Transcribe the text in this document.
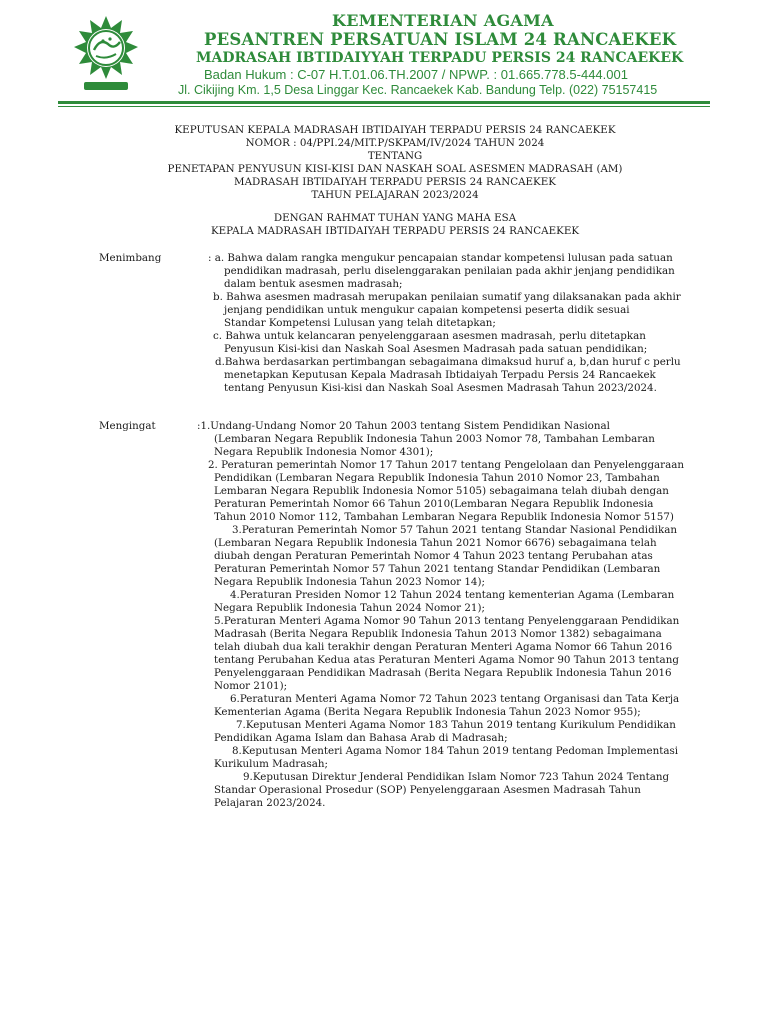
KEMENTERIAN AGAMA
PESANTREN PERSATUAN ISLAM 24 RANCAEKEK
MADRASAH IBTIDAIYYAH TERPADU PERSIS 24 RANCAEKEK
Badan Hukum : C-07 H.T.01.06.TH.2007 / NPWP. : 01.665.778.5-444.001
Jl. Cikijing Km. 1,5 Desa Linggar Kec. Rancaekek Kab. Bandung Telp. (022) 75157415
KEPUTUSAN KEPALA MADRASAH IBTIDAIYAH TERPADU PERSIS 24 RANCAEKEK
NOMOR : 04/PPI.24/MIT.P/SKPAM/IV/2024 TAHUN 2024
TENTANG
PENETAPAN PENYUSUN KISI-KISI DAN NASKAH SOAL ASESMEN MADRASAH (AM)
MADRASAH IBTIDAIYAH TERPADU PERSIS 24 RANCAEKEK
TAHUN PELAJARAN 2023/2024
DENGAN RAHMAT TUHAN YANG MAHA ESA
KEPALA MADRASAH IBTIDAIYAH TERPADU PERSIS 24 RANCAEKEK
Menimbang	: a. Bahwa dalam rangka mengukur pencapaian standar kompetensi lulusan pada satuan
pendidikan madrasah, perlu diselenggarakan penilaian pada akhir jenjang pendidikan
dalam bentuk asesmen madrasah;
b. Bahwa asesmen madrasah merupakan penilaian sumatif yang dilaksanakan pada akhir
jenjang pendidikan untuk mengukur capaian kompetensi peserta didik sesuai
Standar Kompetensi Lulusan yang telah ditetapkan;
c. Bahwa untuk kelancaran penyelenggaraan asesmen madrasah, perlu ditetapkan
Penyusun Kisi-kisi dan Naskah Soal Asesmen Madrasah pada satuan pendidikan;
d.Bahwa berdasarkan pertimbangan sebagaimana dimaksud huruf a, b,dan huruf c perlu
menetapkan Keputusan Kepala Madrasah Ibtidaiyah Terpadu Persis 24 Rancaekek
tentang Penyusun Kisi-kisi dan Naskah Soal Asesmen Madrasah Tahun 2023/2024.
Mengingat	:1.Undang-Undang Nomor 20 Tahun 2003 tentang Sistem Pendidikan Nasional
(Lembaran Negara Republik Indonesia Tahun 2003 Nomor 78, Tambahan Lembaran
Negara Republik Indonesia Nomor 4301);
2. Peraturan pemerintah Nomor 17 Tahun 2017 tentang Pengelolaan dan Penyelenggaraan
Pendidikan (Lembaran Negara Republik Indonesia Tahun 2010 Nomor 23, Tambahan
Lembaran Negara Republik Indonesia Nomor 5105) sebagaimana telah diubah dengan
Peraturan Pemerintah Nomor 66 Tahun 2010(Lembaran Negara Republik Indonesia
Tahun 2010 Nomor 112, Tambahan Lembaran Negara Republik Indonesia Nomor 5157)
3.Peraturan Pemerintah Nomor 57 Tahun 2021 tentang Standar Nasional Pendidikan
(Lembaran Negara Republik Indonesia Tahun 2021 Nomor 6676) sebagaimana telah
diubah dengan Peraturan Pemerintah Nomor 4 Tahun 2023 tentang Perubahan atas
Peraturan Pemerintah Nomor 57 Tahun 2021 tentang Standar Pendidikan (Lembaran
Negara Republik Indonesia Tahun 2023 Nomor 14);
4.Peraturan Presiden Nomor 12 Tahun 2024 tentang kementerian Agama (Lembaran
Negara Republik Indonesia Tahun 2024 Nomor 21);
5.Peraturan Menteri Agama Nomor 90 Tahun 2013 tentang Penyelenggaraan Pendidikan
Madrasah (Berita Negara Republik Indonesia Tahun 2013 Nomor 1382) sebagaimana
telah diubah dua kali terakhir dengan Peraturan Menteri Agama Nomor 66 Tahun 2016
tentang Perubahan Kedua atas Peraturan Menteri Agama Nomor 90 Tahun 2013 tentang
Penyelenggaraan Pendidikan Madrasah (Berita Negara Republik Indonesia Tahun 2016
Nomor 2101);
6.Peraturan Menteri Agama Nomor 72 Tahun 2023 tentang Organisasi dan Tata Kerja
Kementerian Agama (Berita Negara Republik Indonesia Tahun 2023 Nomor 955);
7.Keputusan Menteri Agama Nomor 183 Tahun 2019 tentang Kurikulum Pendidikan
Pendidikan Agama Islam dan Bahasa Arab di Madrasah;
8.Keputusan Menteri Agama Nomor 184 Tahun 2019 tentang Pedoman Implementasi
Kurikulum Madrasah;
9.Keputusan Direktur Jenderal Pendidikan Islam Nomor 723 Tahun 2024 Tentang
Standar Operasional Prosedur (SOP) Penyelenggaraan Asesmen Madrasah Tahun
Pelajaran 2023/2024.
